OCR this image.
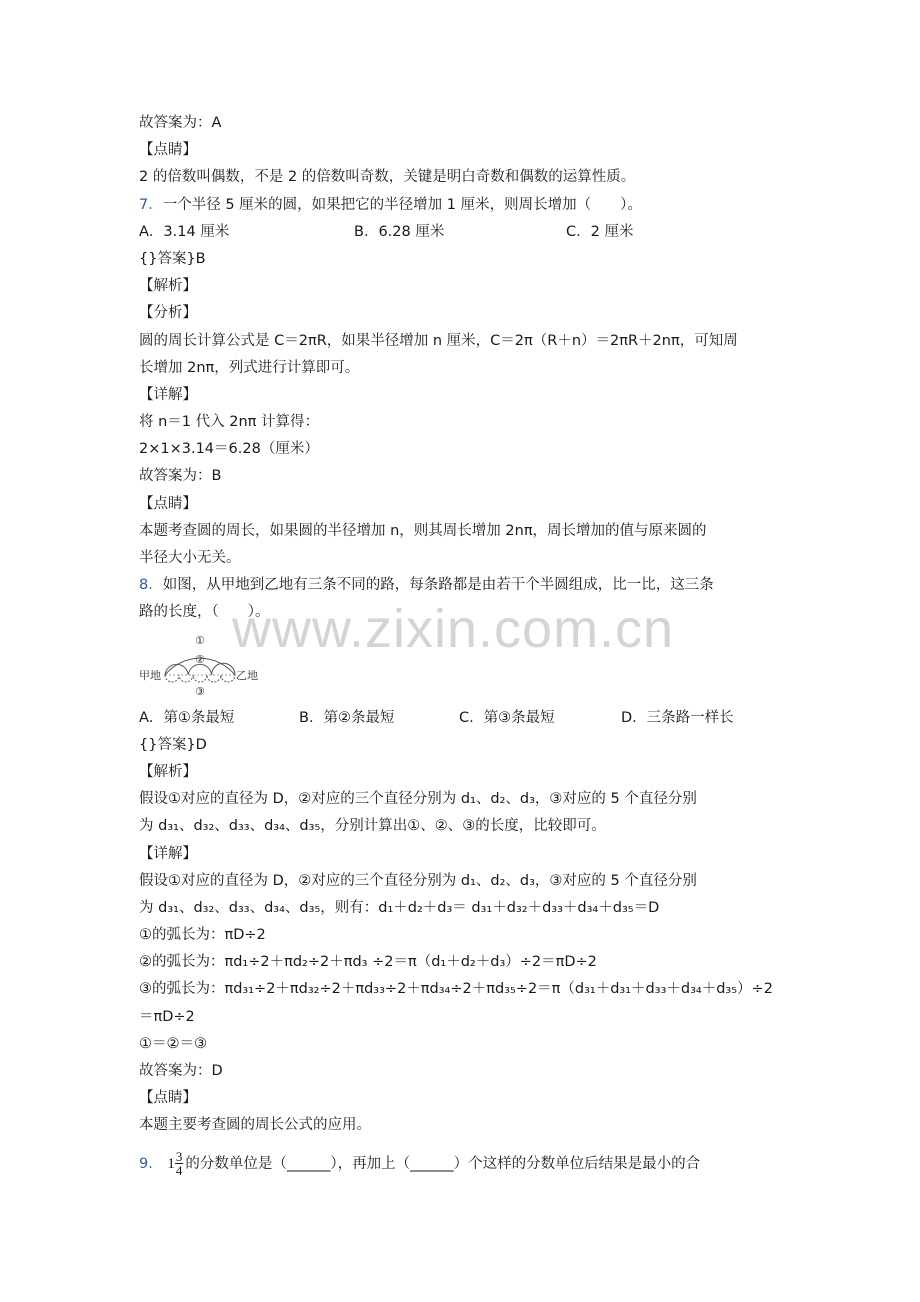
www.zixin.com.cn
故答案为：A
【点睛】
2 的倍数叫偶数，不是 2 的倍数叫奇数，关键是明白奇数和偶数的运算性质。
7．一个半径 5 厘米的圆，如果把它的半径增加 1 厘米，则周长增加（　　）。
A．3.14 厘米	B．6.28 厘米	C．2 厘米
{}答案}B
【解析】
【分析】
圆的周长计算公式是 C＝2πR，如果半径增加 n 厘米，C＝2π（R＋n）＝2πR＋2nπ，可知周
长增加 2nπ，列式进行计算即可。
【详解】
将 n＝1 代入 2nπ 计算得：
2×1×3.14＝6.28（厘米）
故答案为：B
【点睛】
本题考查圆的周长，如果圆的半径增加 n，则其周长增加 2nπ，周长增加的值与原来圆的
半径大小无关。
8．如图，从甲地到乙地有三条不同的路，每条路都是由若干个半圆组成，比一比，这三条
路的长度，（　　）。
甲地	乙地
①
②
③
A．第①条最短	B．第②条最短	C．第③条最短	D．三条路一样长
{}答案}D
【解析】
假设①对应的直径为 D，②对应的三个直径分别为 d₁、d₂、d₃，③对应的 5 个直径分别
为 d₃₁、d₃₂、d₃₃、d₃₄、d₃₅，分别计算出①、②、③的长度，比较即可。
【详解】
假设①对应的直径为 D，②对应的三个直径分别为 d₁、d₂、d₃，③对应的 5 个直径分别
为 d₃₁、d₃₂、d₃₃、d₃₄、d₃₅，则有：d₁＋d₂＋d₃＝ d₃₁＋d₃₂＋d₃₃＋d₃₄＋d₃₅＝D
①的弧长为：πD÷2
②的弧长为：πd₁÷2＋πd₂÷2＋πd₃ ÷2＝π（d₁＋d₂＋d₃）÷2＝πD÷2
③的弧长为：πd₃₁÷2＋πd₃₂÷2＋πd₃₃÷2＋πd₃₄÷2＋πd₃₅÷2＝π（d₃₁＋d₃₁＋d₃₃＋d₃₄＋d₃₅）÷2
＝πD÷2
①＝②＝③
故答案为：D
【点睛】
本题主要考查圆的周长公式的应用。
9． $1 \frac{3}{4}$ 的分数单位是（______），再加上（______）个这样的分数单位后结果是最小的合
